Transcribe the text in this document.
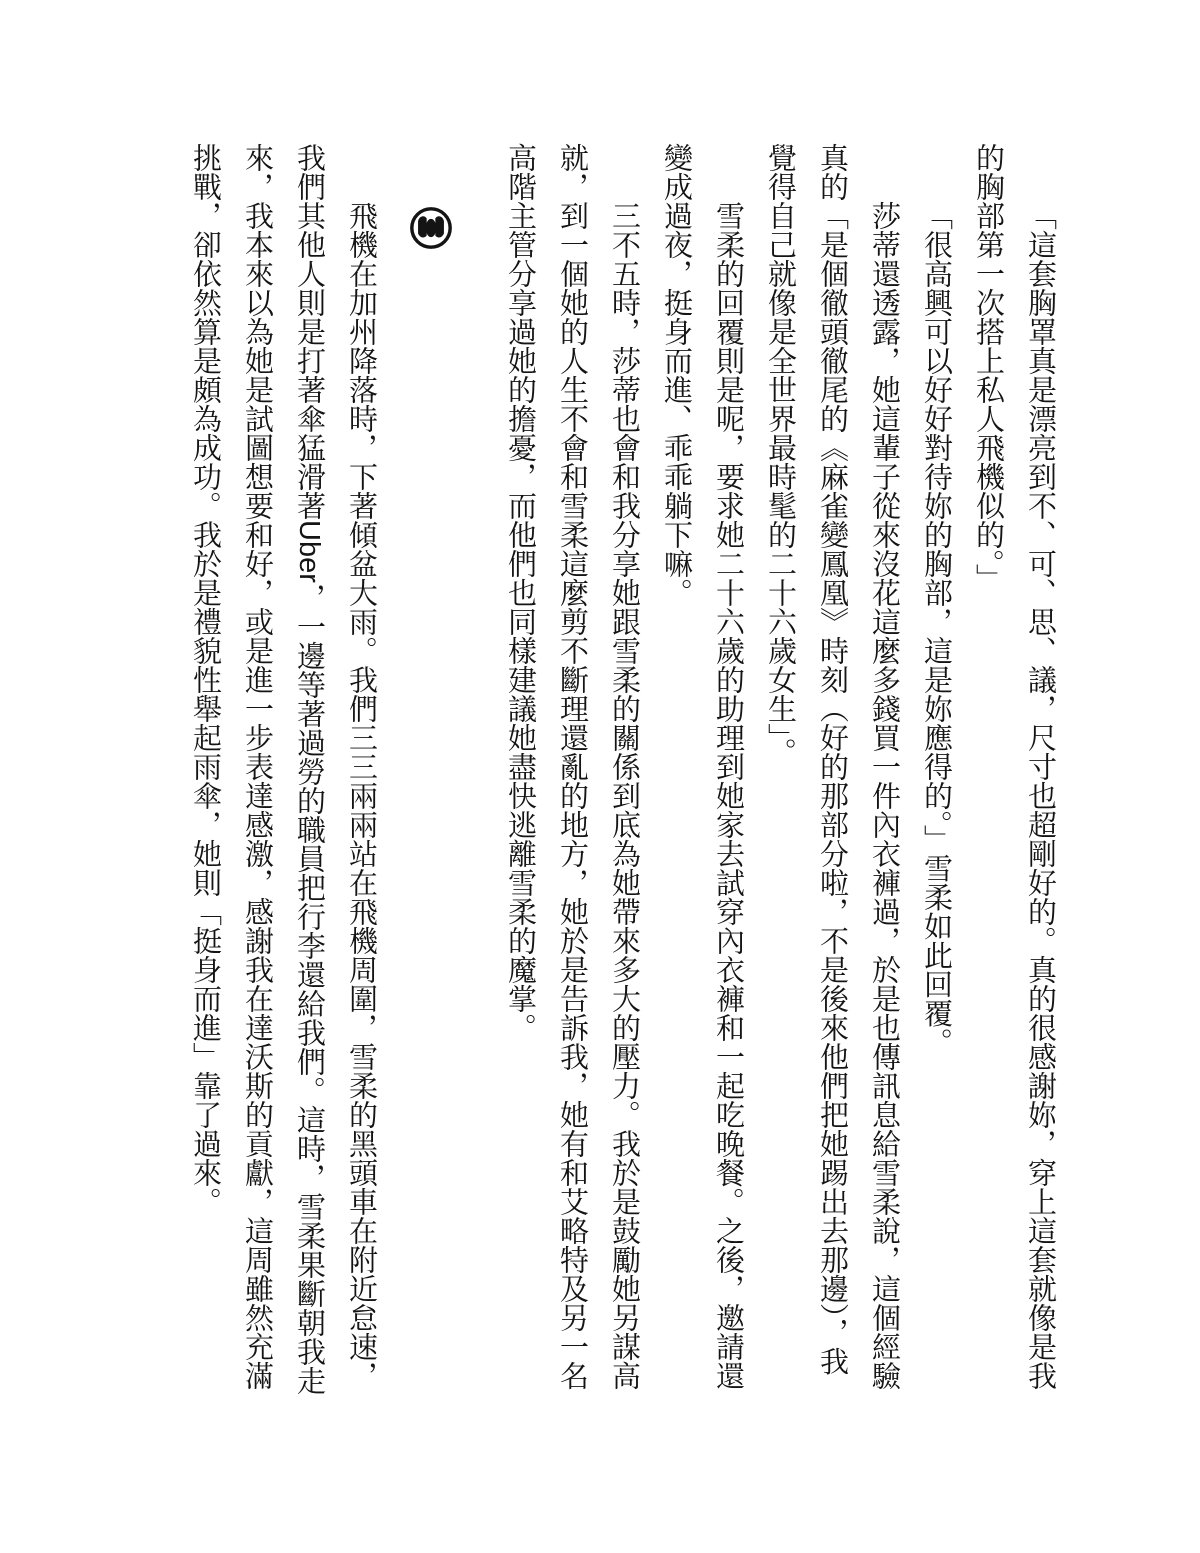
「這套胸罩真是漂亮到不、可、思、議，尺寸也超剛好的。真的很感謝妳，穿上這套就像是我的胸部第一次搭上私人飛機似的。」

「很高興可以好好對待妳的胸部，這是妳應得的。」雪柔如此回覆。

莎蒂還透露，她這輩子從來沒花這麼多錢買一件內衣褲過，於是也傳訊息給雪柔說，這個經驗真的「是個徹頭徹尾的《麻雀變鳳凰》時刻（好的那部分啦，不是後來他們把她踢出去那邊），我覺得自己就像是全世界最時髦的二十六歲女生」。

雪柔的回覆則是呢，要求她二十六歲的助理到她家去試穿內衣褲和一起吃晚餐。之後，邀請還變成過夜，挺身而進、乖乖躺下嘛。

三不五時，莎蒂也會和我分享她跟雪柔的關係到底為她帶來多大的壓力。我於是鼓勵她另謀高就，到一個她的人生不會和雪柔這麼剪不斷理還亂的地方，她於是告訴我，她有和艾略特及另一名高階主管分享過她的擔憂，而他們也同樣建議她盡快逃離雪柔的魔掌。

飛機在加州降落時，下著傾盆大雨。我們三三兩兩站在飛機周圍，雪柔的黑頭車在附近怠速，我們其他人則是打著傘猛滑著Uber，一邊等著過勞的職員把行李還給我們。這時，雪柔果斷朝我走來，我本來以為她是試圖想要和好，或是進一步表達感激，感謝我在達沃斯的貢獻，這周雖然充滿挑戰，卻依然算是頗為成功。我於是禮貌性舉起雨傘，她則「挺身而進」靠了過來。
